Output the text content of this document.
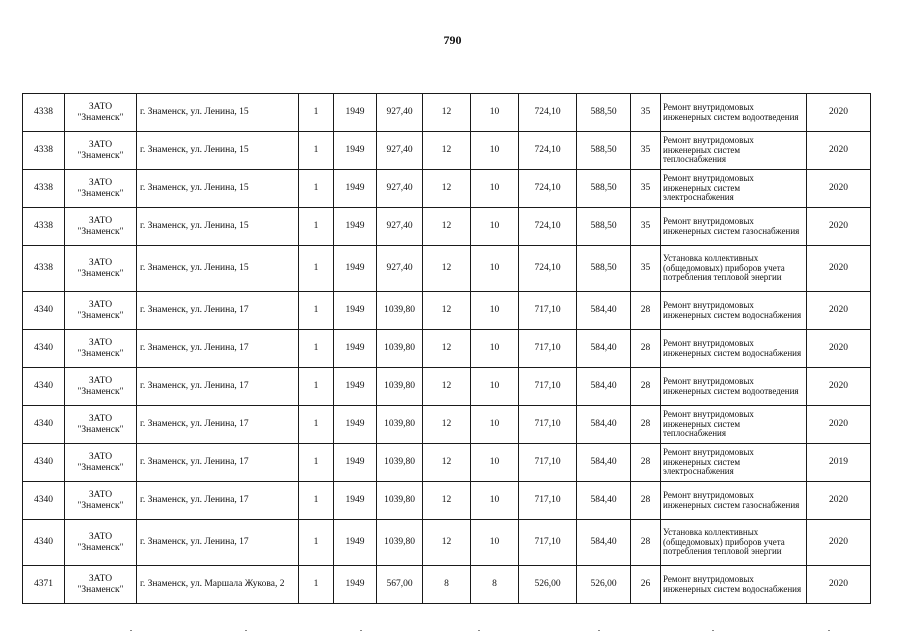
790
4338	ЗАТО "Знаменск"	г. Знаменск, ул. Ленина, 15	1	1949	927,40	12	10	724,10	588,50	35	Ремонт внутридомовых инженерных систем водоотведения	2020
4338	ЗАТО "Знаменск"	г. Знаменск, ул. Ленина, 15	1	1949	927,40	12	10	724,10	588,50	35	Ремонт внутридомовых инженерных систем теплоснабжения	2020
4338	ЗАТО "Знаменск"	г. Знаменск, ул. Ленина, 15	1	1949	927,40	12	10	724,10	588,50	35	Ремонт внутридомовых инженерных систем электроснабжения	2020
4338	ЗАТО "Знаменск"	г. Знаменск, ул. Ленина, 15	1	1949	927,40	12	10	724,10	588,50	35	Ремонт внутридомовых инженерных систем газоснабжения	2020
4338	ЗАТО "Знаменск"	г. Знаменск, ул. Ленина, 15	1	1949	927,40	12	10	724,10	588,50	35	Установка коллективных (общедомовых) приборов учета потребления тепловой энергии	2020
4340	ЗАТО "Знаменск"	г. Знаменск, ул. Ленина, 17	1	1949	1039,80	12	10	717,10	584,40	28	Ремонт внутридомовых инженерных систем водоснабжения	2020
4340	ЗАТО "Знаменск"	г. Знаменск, ул. Ленина, 17	1	1949	1039,80	12	10	717,10	584,40	28	Ремонт внутридомовых инженерных систем водоснабжения	2020
4340	ЗАТО "Знаменск"	г. Знаменск, ул. Ленина, 17	1	1949	1039,80	12	10	717,10	584,40	28	Ремонт внутридомовых инженерных систем водоотведения	2020
4340	ЗАТО "Знаменск"	г. Знаменск, ул. Ленина, 17	1	1949	1039,80	12	10	717,10	584,40	28	Ремонт внутридомовых инженерных систем теплоснабжения	2020
4340	ЗАТО "Знаменск"	г. Знаменск, ул. Ленина, 17	1	1949	1039,80	12	10	717,10	584,40	28	Ремонт внутридомовых инженерных систем электроснабжения	2019
4340	ЗАТО "Знаменск"	г. Знаменск, ул. Ленина, 17	1	1949	1039,80	12	10	717,10	584,40	28	Ремонт внутридомовых инженерных систем газоснабжения	2020
4340	ЗАТО "Знаменск"	г. Знаменск, ул. Ленина, 17	1	1949	1039,80	12	10	717,10	584,40	28	Установка коллективных (общедомовых) приборов учета потребления тепловой энергии	2020
4371	ЗАТО "Знаменск"	г. Знаменск, ул. Маршала Жукова, 2	1	1949	567,00	8	8	526,00	526,00	26	Ремонт внутридомовых инженерных систем водоснабжения	2020
